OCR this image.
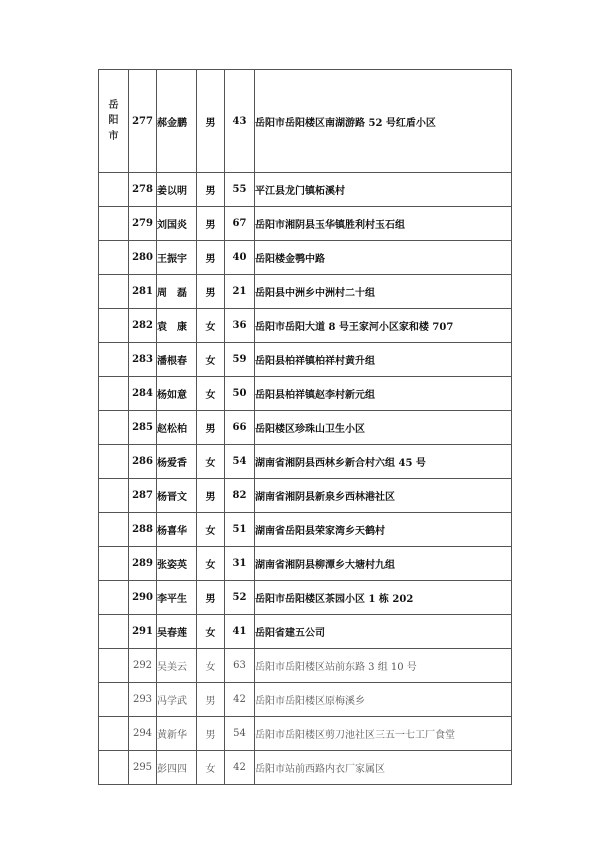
岳
阳
市	277	郝金鹏	男	43	岳阳市岳阳楼区南湖游路 52 号红盾小区
	278	姜以明	男	55	平江县龙门镇柘溪村
	279	刘国炎	男	67	岳阳市湘阴县玉华镇胜利村玉石组
	280	王振宇	男	40	岳阳楼金鹗中路
	281	周　磊	男	21	岳阳县中洲乡中洲村二十组
	282	袁　康	女	36	岳阳市岳阳大道 8 号王家河小区家和楼 707
	283	潘根春	女	59	岳阳县柏祥镇柏祥村黄升组
	284	杨如意	女	50	岳阳县柏祥镇赵李村新元组
	285	赵松柏	男	66	岳阳楼区珍珠山卫生小区
	286	杨爱香	女	54	湖南省湘阴县西林乡新合村六组 45 号
	287	杨晋文	男	82	湖南省湘阴县新泉乡西林港社区
	288	杨喜华	女	51	湖南省岳阳县荣家湾乡天鹤村
	289	张姿英	女	31	湖南省湘阴县柳潭乡大塘村九组
	290	李平生	男	52	岳阳市岳阳楼区茶园小区 1 栋 202
	291	吴春莲	女	41	岳阳省建五公司
	292	吴美云	女	63	岳阳市岳阳楼区站前东路 3 组 10 号
	293	冯学武	男	42	岳阳市岳阳楼区原梅溪乡
	294	黄新华	男	54	岳阳市岳阳楼区剪刀池社区三五一七工厂食堂
	295	彭四四	女	42	岳阳市站前西路内衣厂家属区
